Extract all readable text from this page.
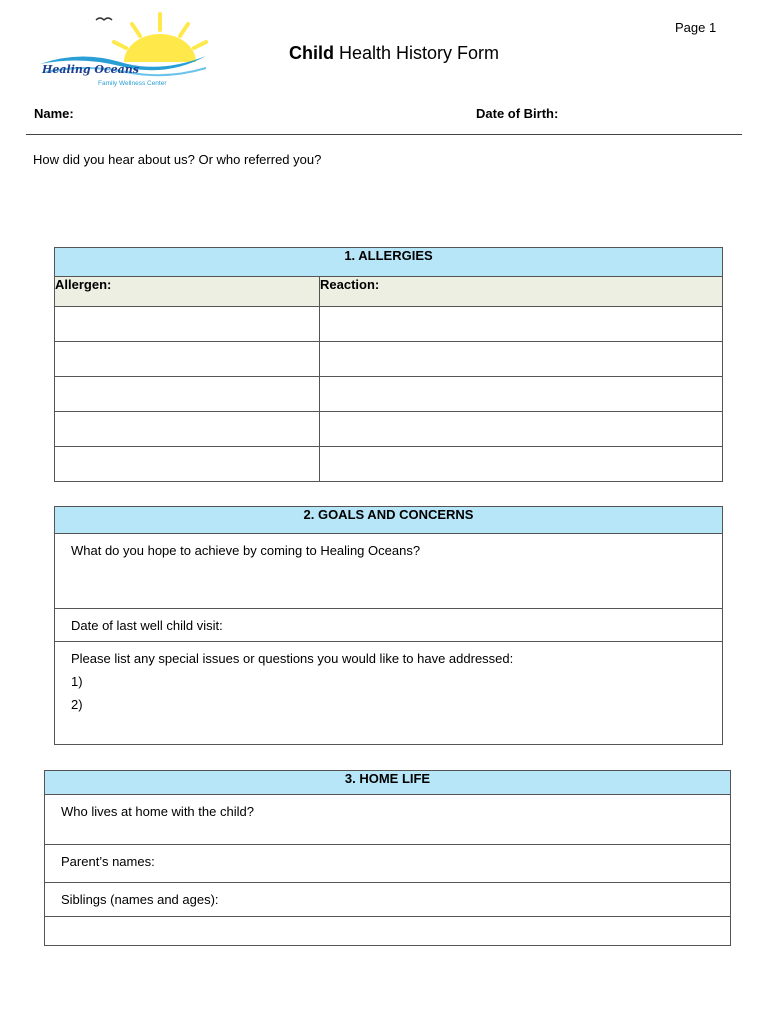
Page 1
Healing Oceans
Family Wellness Center
Child Health History Form
Name:	Date of Birth:
How did you hear about us? Or who referred you?
1. ALLERGIES	
Allergen:	Reaction:

2. GOALS AND CONCERNS
What do you hope to achieve by coming to Healing Oceans?
Date of last well child visit:

Please list any special issues or questions you would like to have addressed:
1)
2)
3. HOME LIFE
Who lives at home with the child?
Parent’s names:
Siblings (names and ages):
